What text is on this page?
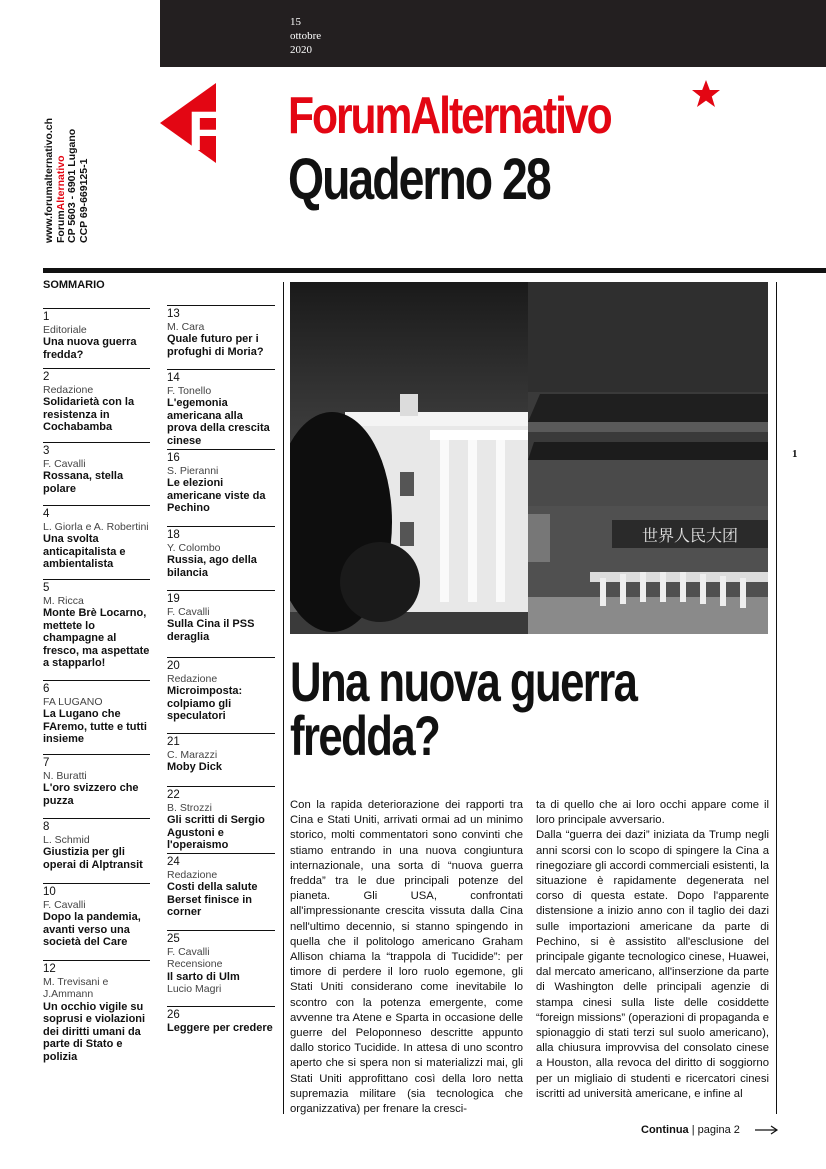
15
ottobre
2020
FA ForumAlternativo
Quaderno 28
www.forumalternativo.ch ForumAlternativo CP 5603 - 6901 Lugano CCP 69-669125-1
SOMMARIO
1
Editoriale
Una nuova guerra fredda?
2
Redazione
Solidarietà con la resistenza in Cochabamba
3
F. Cavalli
Rossana, stella polare
4
L. Giorla e A. Robertini
Una svolta anticapitalista e ambientalista
5
M. Ricca
Monte Brè Locarno, mettete lo champagne al fresco, ma aspettate a stapparlo!
6
FA LUGANO
La Lugano che FAremo, tutte e tutti insieme
7
N. Buratti
L'oro svizzero che puzza
8
L. Schmid
Giustizia per gli operai di Alptransit
10
F. Cavalli
Dopo la pandemia, avanti verso una società del Care
12
M. Trevisani e J.Ammann
Un occhio vigile su soprusi e violazioni dei diritti umani da parte di Stato e polizia
13
M. Cara
Quale futuro per i profughi di Moria?
14
F. Tonello
L'egemonia americana alla prova della crescita cinese
16
S. Pieranni
Le elezioni americane viste da Pechino
18
Y. Colombo
Russia, ago della bilancia
19
F. Cavalli
Sulla Cina il PSS deraglia
20
Redazione
Microimposta: colpiamo gli speculatori
21
C. Marazzi
Moby Dick
22
B. Strozzi
Gli scritti di Sergio Agustoni e l'operaismo
24
Redazione
Costi della salute Berset finisce in corner
25
F. Cavalli
Recensione
Il sarto di Ulm
Lucio Magri
26
Leggere per credere
世界人民大团
1
Una nuova guerra fredda?

Con la rapida deteriorazione dei rapporti tra Cina e Stati Uniti, arrivati ormai ad un minimo storico, molti commentatori sono convinti che stiamo entrando in una nuova congiuntura internazionale, una sorta di “nuova guerra fredda” tra le due principali potenze del pianeta. Gli USA, confrontati all'impressionante crescita vissuta dalla Cina nell'ultimo decennio, si stanno spingendo in quella che il politologo americano Graham Allison chiama la “trappola di Tucidide”: per timore di perdere il loro ruolo egemone, gli Stati Uniti considerano come inevitabile lo scontro con la potenza emergente, come avvenne tra Atene e Sparta in occasione delle guerre del Peloponneso descritte appunto dallo storico Tucidide. In attesa di uno scontro aperto che si spera non si materializzi mai, gli Stati Uniti approfittano così della loro netta supremazia militare (sia tecnologica che organizzativa) per frenare la cresci-

ta di quello che ai loro occhi appare come il loro principale avversario.

Dalla “guerra dei dazi” iniziata da Trump negli anni scorsi con lo scopo di spingere la Cina a rinegoziare gli accordi commerciali esistenti, la situazione è rapidamente degenerata nel corso di questa estate. Dopo l'apparente distensione a inizio anno con il taglio dei dazi sulle importazioni americane da parte di Pechino, si è assistito all'esclusione del principale gigante tecnologico cinese, Huawei, dal mercato americano, all'inserzione da parte di Washington delle principali agenzie di stampa cinesi sulla liste delle cosiddette “foreign missions” (operazioni di propaganda e spionaggio di stati terzi sul suolo americano), alla chiusura improvvisa del consolato cinese a Houston, alla revoca del diritto di soggiorno per un migliaio di studenti e ricercatori cinesi iscritti ad università americane, e infine al

Continua | pagina 2
